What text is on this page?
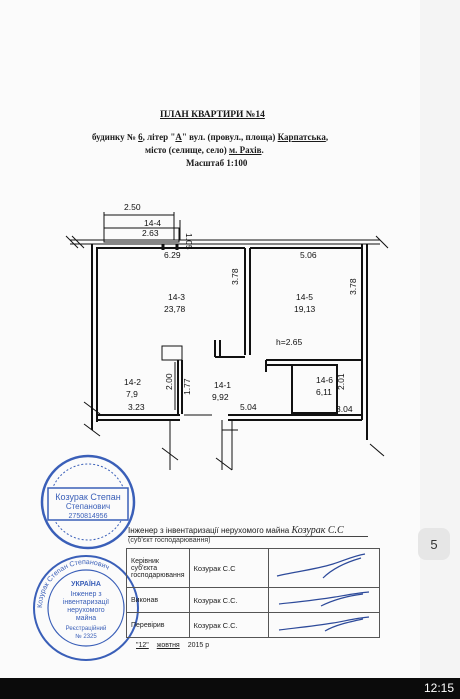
ПЛАН КВАРТИРИ №14
будинку № 6, літер "А" вул. (провул., площа) Карпатська,
місто (селище, село) м. Рахів.
Масштаб 1:100
2.50
1.05
6.29
3.78
5.06
3.78
h=2.65
2.00 1.77
3.23	5.04
2.01
3.04
14-4
2.63
14-3
23,78
14-5
19,13
14-2
7,9
14-1
9,92
14-6
6,11
Козурак Степан
Степанович
2750814956
Козурак Степан Степанович
УКРАЇНА
Інженер з
інвентаризації
нерухомого
майна
Реєстраційний
№ 2325
Інженер з інвентаризації нерухомого майна Козурак С.С
(суб'єкт господарювання)
Керівник суб'єкта господарювання	Козурак С.С	
Виконав	Козурак С.С.	
Перевірив	Козурак С.С.	
"12" жовтня 2015 р
5
12:15
